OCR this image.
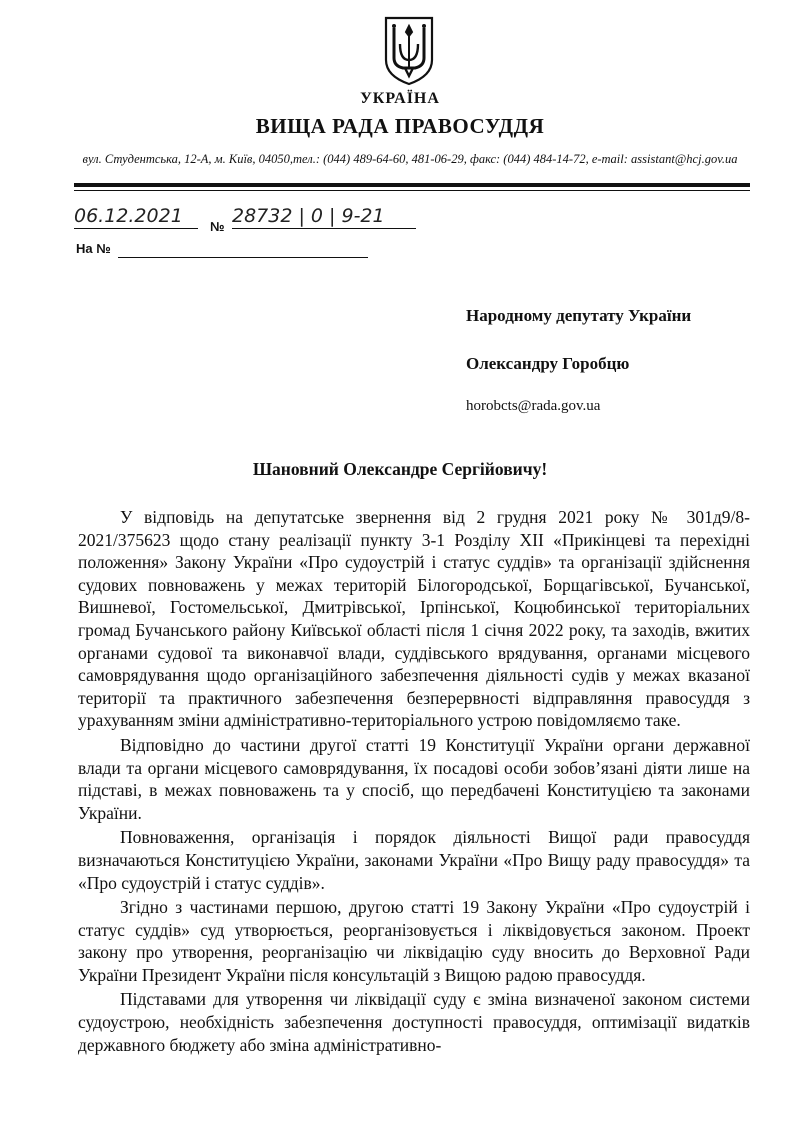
УКРАЇНА
ВИЩА РАДА ПРАВОСУДДЯ
вул. Студентська, 12-А, м. Київ, 04050,тел.: (044) 489-64-60, 481-06-29, факс: (044) 484-14-72, e-mail: assistant@hcj.gov.ua
06.12.2021	№ 28732 | 0 | 9-21
На №
Народному депутату України
Олександру Горобцю
horobcts@rada.gov.ua
Шановний Олександре Сергійовичу!

У відповідь на депутатське звернення від 2 грудня 2021 року № 301д9/8-2021/375623 щодо стану реалізації пункту 3-1 Розділу XII «Прикінцеві та перехідні положення» Закону України «Про судоустрій і статус суддів» та організації здійснення судових повноважень у межах територій Білогородської, Борщагівської, Бучанської, Вишневої, Гостомельської, Дмитрівської, Ірпінської, Коцюбинської територіальних громад Бучанського району Київської області після 1 січня 2022 року, та заходів, вжитих органами судової та виконавчої влади, суддівського врядування, органами місцевого самоврядування щодо організаційного забезпечення діяльності судів у межах вказаної території та практичного забезпечення безперервності відправляння правосуддя з урахуванням зміни адміністративно-територіального устрою повідомляємо таке.

Відповідно до частини другої статті 19 Конституції України органи державної влади та органи місцевого самоврядування, їх посадові особи зобов’язані діяти лише на підставі, в межах повноважень та у спосіб, що передбачені Конституцією та законами України.

Повноваження, організація і порядок діяльності Вищої ради правосуддя визначаються Конституцією України, законами України «Про Вищу раду правосуддя» та «Про судоустрій і статус суддів».

Згідно з частинами першою, другою статті 19 Закону України «Про судоустрій і статус суддів» суд утворюється, реорганізовується і ліквідовується законом. Проект закону про утворення, реорганізацію чи ліквідацію суду вносить до Верховної Ради України Президент України після консультацій з Вищою радою правосуддя.

Підставами для утворення чи ліквідації суду є зміна визначеної законом системи судоустрою, необхідність забезпечення доступності правосуддя, оптимізації видатків державного бюджету або зміна адміністративно-
